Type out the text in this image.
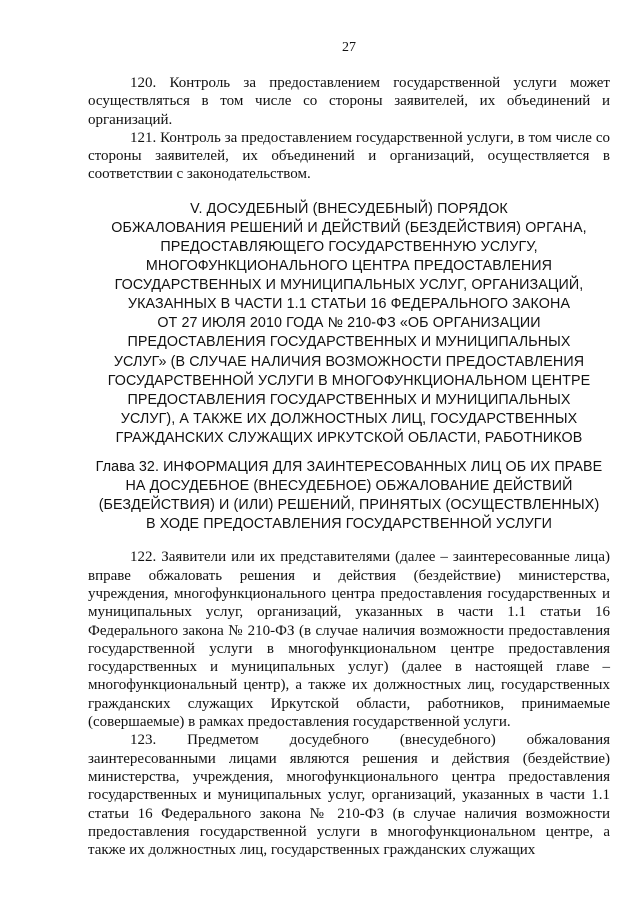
27

120. Контроль за предоставлением государственной услуги может осуществляться в том числе со стороны заявителей, их объединений и организаций.

121. Контроль за предоставлением государственной услуги, в том числе со стороны заявителей, их объединений и организаций, осуществляется в соответствии с законодательством.

V. ДОСУДЕБНЫЙ (ВНЕСУДЕБНЫЙ) ПОРЯДОК
ОБЖАЛОВАНИЯ РЕШЕНИЙ И ДЕЙСТВИЙ (БЕЗДЕЙСТВИЯ) ОРГАНА,
ПРЕДОСТАВЛЯЮЩЕГО ГОСУДАРСТВЕННУЮ УСЛУГУ,
МНОГОФУНКЦИОНАЛЬНОГО ЦЕНТРА ПРЕДОСТАВЛЕНИЯ
ГОСУДАРСТВЕННЫХ И МУНИЦИПАЛЬНЫХ УСЛУГ, ОРГАНИЗАЦИЙ,
УКАЗАННЫХ В ЧАСТИ 1.1 СТАТЬИ 16 ФЕДЕРАЛЬНОГО ЗАКОНА
ОТ 27 ИЮЛЯ 2010 ГОДА № 210-ФЗ «ОБ ОРГАНИЗАЦИИ
ПРЕДОСТАВЛЕНИЯ ГОСУДАРСТВЕННЫХ И МУНИЦИПАЛЬНЫХ
УСЛУГ» (В СЛУЧАЕ НАЛИЧИЯ ВОЗМОЖНОСТИ ПРЕДОСТАВЛЕНИЯ
ГОСУДАРСТВЕННОЙ УСЛУГИ В МНОГОФУНКЦИОНАЛЬНОМ ЦЕНТРЕ
ПРЕДОСТАВЛЕНИЯ ГОСУДАРСТВЕННЫХ И МУНИЦИПАЛЬНЫХ
УСЛУГ), А ТАКЖЕ ИХ ДОЛЖНОСТНЫХ ЛИЦ, ГОСУДАРСТВЕННЫХ
ГРАЖДАНСКИХ СЛУЖАЩИХ ИРКУТСКОЙ ОБЛАСТИ, РАБОТНИКОВ
Глава 32. ИНФОРМАЦИЯ ДЛЯ ЗАИНТЕРЕСОВАННЫХ ЛИЦ ОБ ИХ ПРАВЕ
НА ДОСУДЕБНОЕ (ВНЕСУДЕБНОЕ) ОБЖАЛОВАНИЕ ДЕЙСТВИЙ
(БЕЗДЕЙСТВИЯ) И (ИЛИ) РЕШЕНИЙ, ПРИНЯТЫХ (ОСУЩЕСТВЛЕННЫХ)
В ХОДЕ ПРЕДОСТАВЛЕНИЯ ГОСУДАРСТВЕННОЙ УСЛУГИ

122. Заявители или их представителями (далее – заинтересованные лица) вправе обжаловать решения и действия (бездействие) министерства, учреждения, многофункционального центра предоставления государственных и муниципальных услуг, организаций, указанных в части 1.1 статьи 16 Федерального закона № 210-ФЗ (в случае наличия возможности предоставления государственной услуги в многофункциональном центре предоставления государственных и муниципальных услуг) (далее в настоящей главе – многофункциональный центр), а также их должностных лиц, государственных гражданских служащих Иркутской области, работников, принимаемые (совершаемые) в рамках предоставления государственной услуги.

123. Предметом досудебного (внесудебного) обжалования заинтересованными лицами являются решения и действия (бездействие) министерства, учреждения, многофункционального центра предоставления государственных и муниципальных услуг, организаций, указанных в части 1.1 статьи 16 Федерального закона № 210-ФЗ (в случае наличия возможности предоставления государственной услуги в многофункциональном центре, а также их должностных лиц, государственных гражданских служащих
